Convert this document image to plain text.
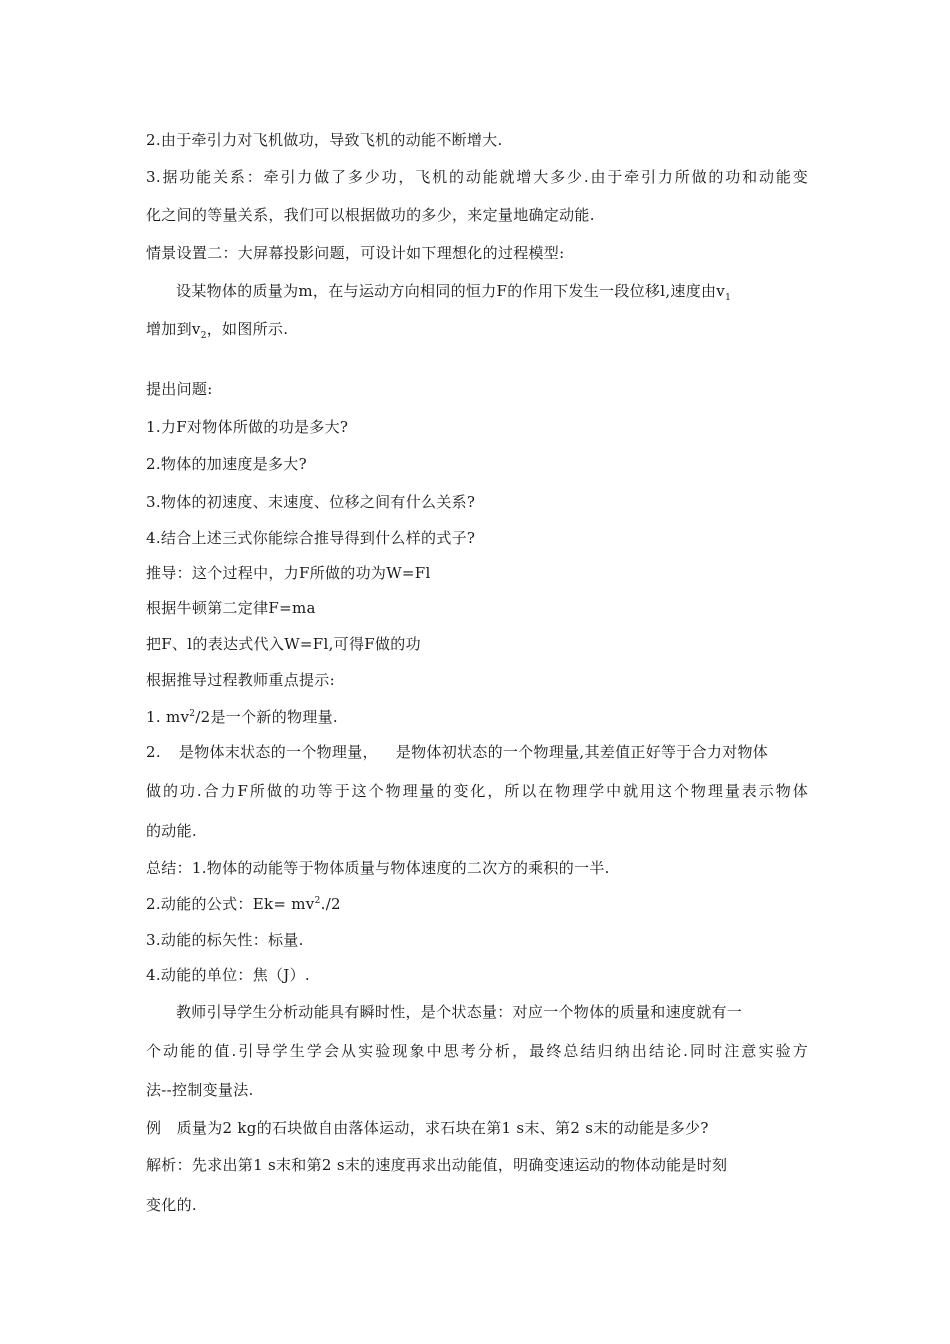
2.由于牵引力对飞机做功，导致飞机的动能不断增大.
3.据功能关系：牵引力做了多少功，飞机的动能就增大多少.由于牵引力所做的功和动能变
化之间的等量关系，我们可以根据做功的多少，来定量地确定动能.
情景设置二：大屏幕投影问题，可设计如下理想化的过程模型:
设某物体的质量为m，在与运动方向相同的恒力F的作用下发生一段位移l,速度由$v_1$
增加到$v_2$，如图所示.
提出问题:
1.力F对物体所做的功是多大?
2.物体的加速度是多大?
3.物体的初速度、末速度、位移之间有什么关系?
4.结合上述三式你能综合推导得到什么样的式子?
推导：这个过程中，力F所做的功为W=Fl
根据牛顿第二定律F=ma
把F、l的表达式代入W=Fl,可得F做的功
根据推导过程教师重点提示:
1. $mv^2/2$是一个新的物理量.
2. 是物体末状态的一个物理量， 是物体初状态的一个物理量,其差值正好等于合力对物体
做的功.合力F所做的功等于这个物理量的变化，所以在物理学中就用这个物理量表示物体
的动能.
总结：1.物体的动能等于物体质量与物体速度的二次方的乘积的一半.
2.动能的公式：$Ek= mv^2./2$
3.动能的标矢性：标量.
4.动能的单位：焦（J）.
教师引导学生分析动能具有瞬时性，是个状态量：对应一个物体的质量和速度就有一
个动能的值.引导学生学会从实验现象中思考分析，最终总结归纳出结论.同时注意实验方
法--控制变量法.
例　质量为2 kg的石块做自由落体运动，求石块在第1 s末、第2 s末的动能是多少?
解析：先求出第1 s末和第2 s末的速度再求出动能值，明确变速运动的物体动能是时刻
变化的.
